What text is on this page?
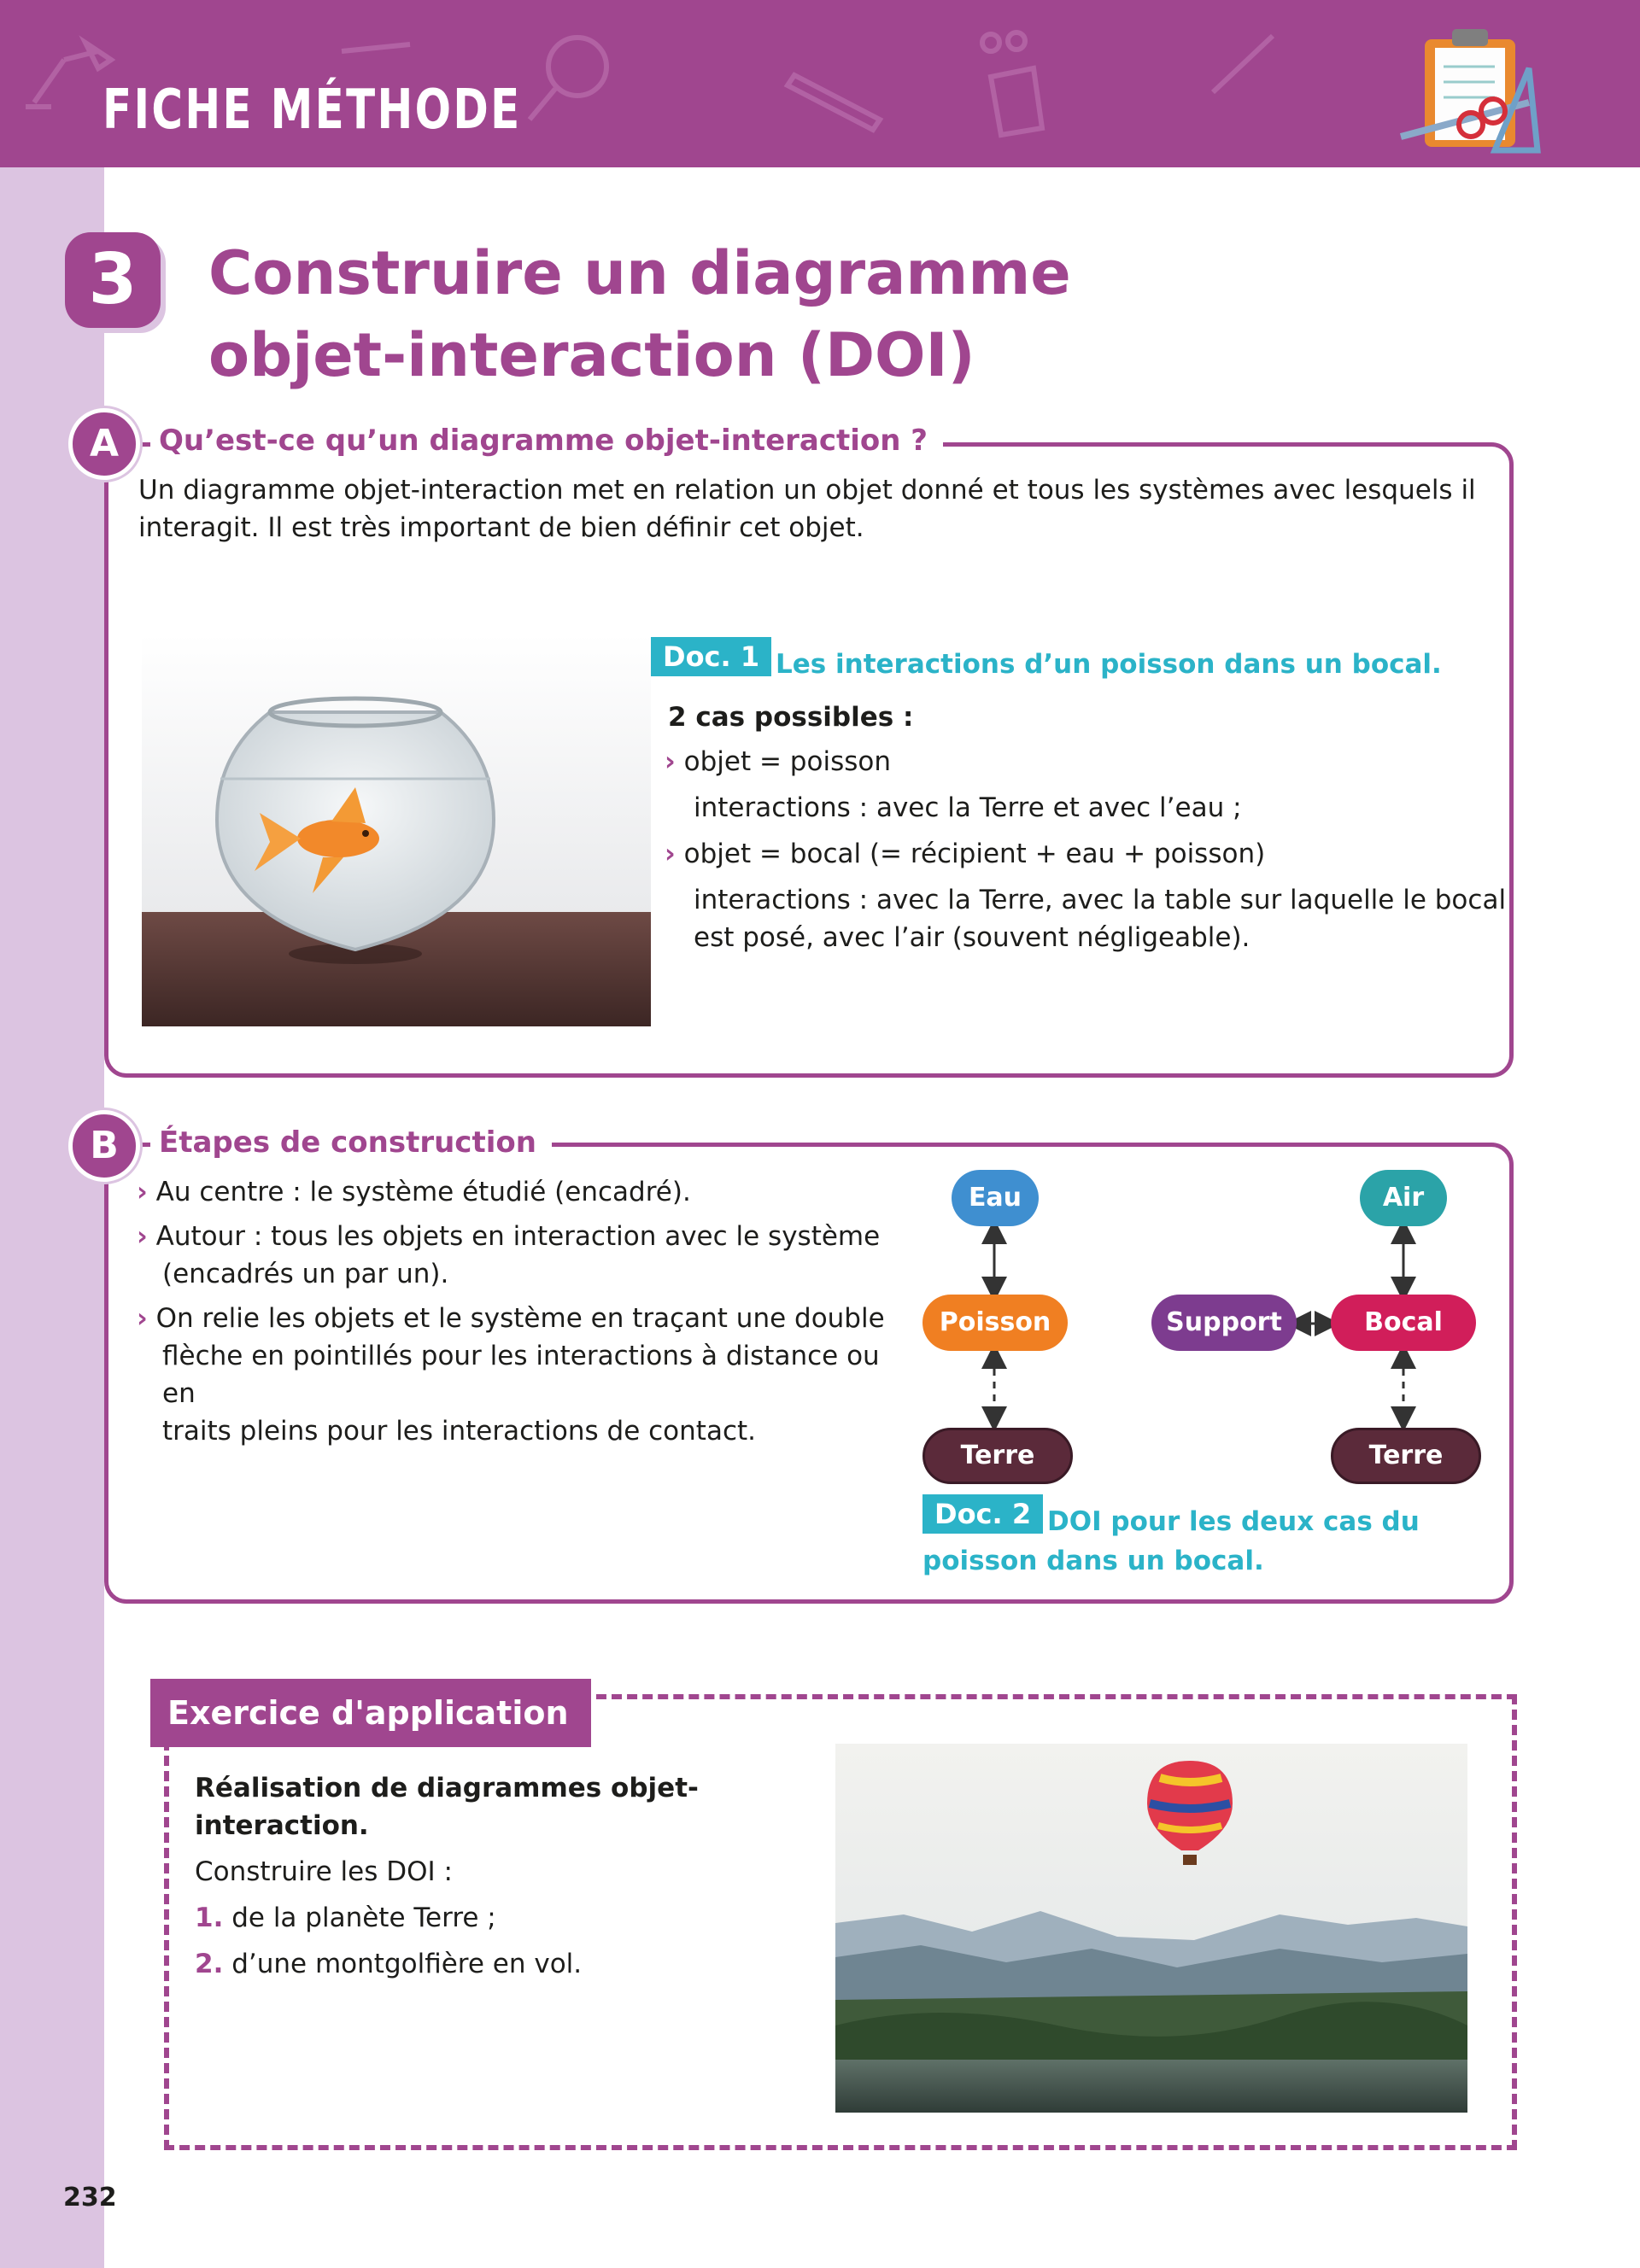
FICHE MÉTHODE
3	Construire un diagramme
objet-interaction (DOI)
A	Qu’est-ce qu’un diagramme objet-interaction ?
Un diagramme objet-interaction met en relation un objet donné et tous les systèmes avec lesquels il
interagit. Il est très important de bien définir cet objet.
Doc. 1 Les interactions d’un poisson dans un bocal.
2 cas possibles :
› objet = poisson
interactions : avec la Terre et avec l’eau ;
› objet = bocal (= récipient + eau + poisson)
interactions : avec la Terre, avec la table sur laquelle le bocal
est posé, avec l’air (souvent négligeable).
B	Étapes de construction
› Au centre : le système étudié (encadré).
› Autour : tous les objets en interaction avec le système
(encadrés un par un).
› On relie les objets et le système en traçant une double
flèche en pointillés pour les interactions à distance ou en
traits pleins pour les interactions de contact.
Eau
Poisson
Terre
Air
Support	Bocal
Terre
Doc. 2 DOI pour les deux cas du
poisson dans un bocal.
Exercice d'application
Réalisation de diagrammes objet-interaction.
Construire les DOI :
1. de la planète Terre ;
2. d’une montgolfière en vol.
232
